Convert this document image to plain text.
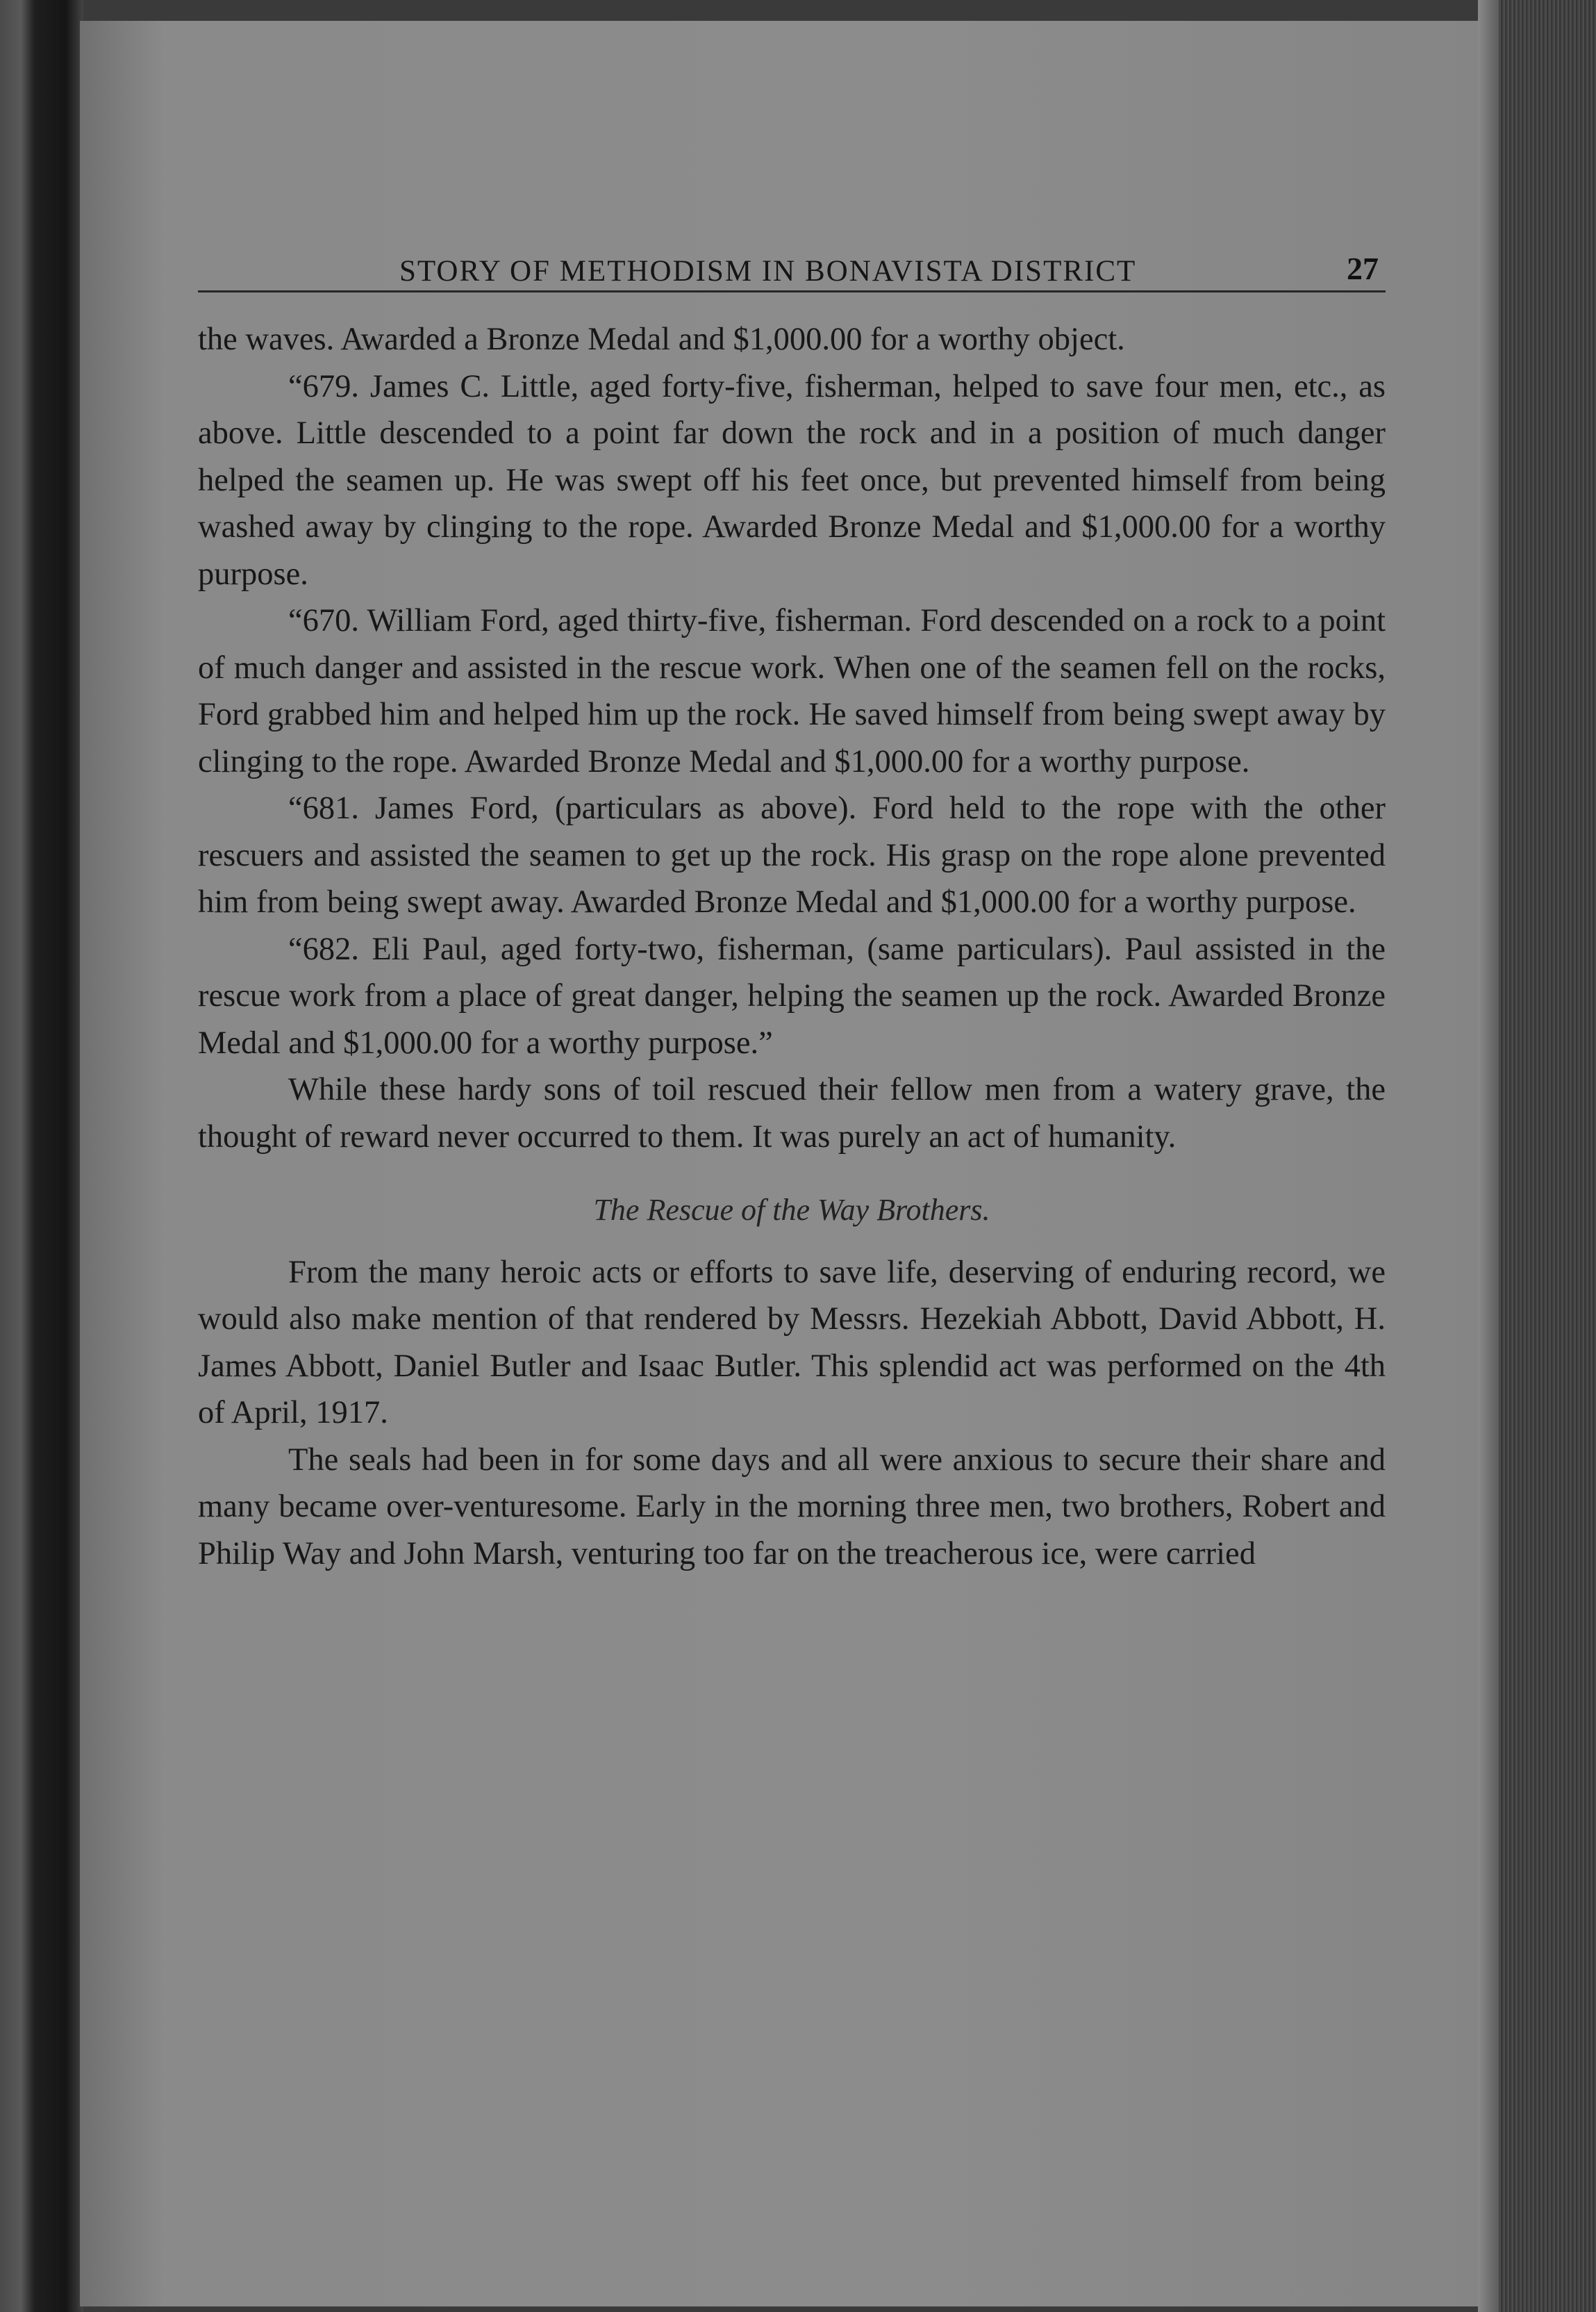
STORY OF METHODISM IN BONAVISTA DISTRICT	27

the waves. Awarded a Bronze Medal and $1,000.00 for a worthy object.

“679. James C. Little, aged forty-five, fisherman, helped to save four men, etc., as above. Little descended to a point far down the rock and in a position of much danger helped the seamen up. He was swept off his feet once, but prevented himself from being washed away by clinging to the rope. Awarded Bronze Medal and $1,000.00 for a worthy purpose.

“670. William Ford, aged thirty-five, fisherman. Ford descended on a rock to a point of much danger and assisted in the rescue work. When one of the seamen fell on the rocks, Ford grabbed him and helped him up the rock. He saved himself from being swept away by clinging to the rope. Awarded Bronze Medal and $1,000.00 for a worthy purpose.

“681. James Ford, (particulars as above). Ford held to the rope with the other rescuers and assisted the seamen to get up the rock. His grasp on the rope alone prevented him from being swept away. Awarded Bronze Medal and $1,000.00 for a worthy purpose.

“682. Eli Paul, aged forty-two, fisherman, (same particulars). Paul assisted in the rescue work from a place of great danger, helping the seamen up the rock. Awarded Bronze Medal and $1,000.00 for a worthy purpose.”

While these hardy sons of toil rescued their fellow men from a watery grave, the thought of reward never occurred to them. It was purely an act of humanity.

The Rescue of the Way Brothers.

From the many heroic acts or efforts to save life, deserving of enduring record, we would also make mention of that rendered by Messrs. Hezekiah Abbott, David Abbott, H. James Abbott, Daniel Butler and Isaac Butler. This splendid act was performed on the 4th of April, 1917.

The seals had been in for some days and all were anxious to secure their share and many became over-venturesome. Early in the morning three men, two brothers, Robert and Philip Way and John Marsh, venturing too far on the treacherous ice, were carried
